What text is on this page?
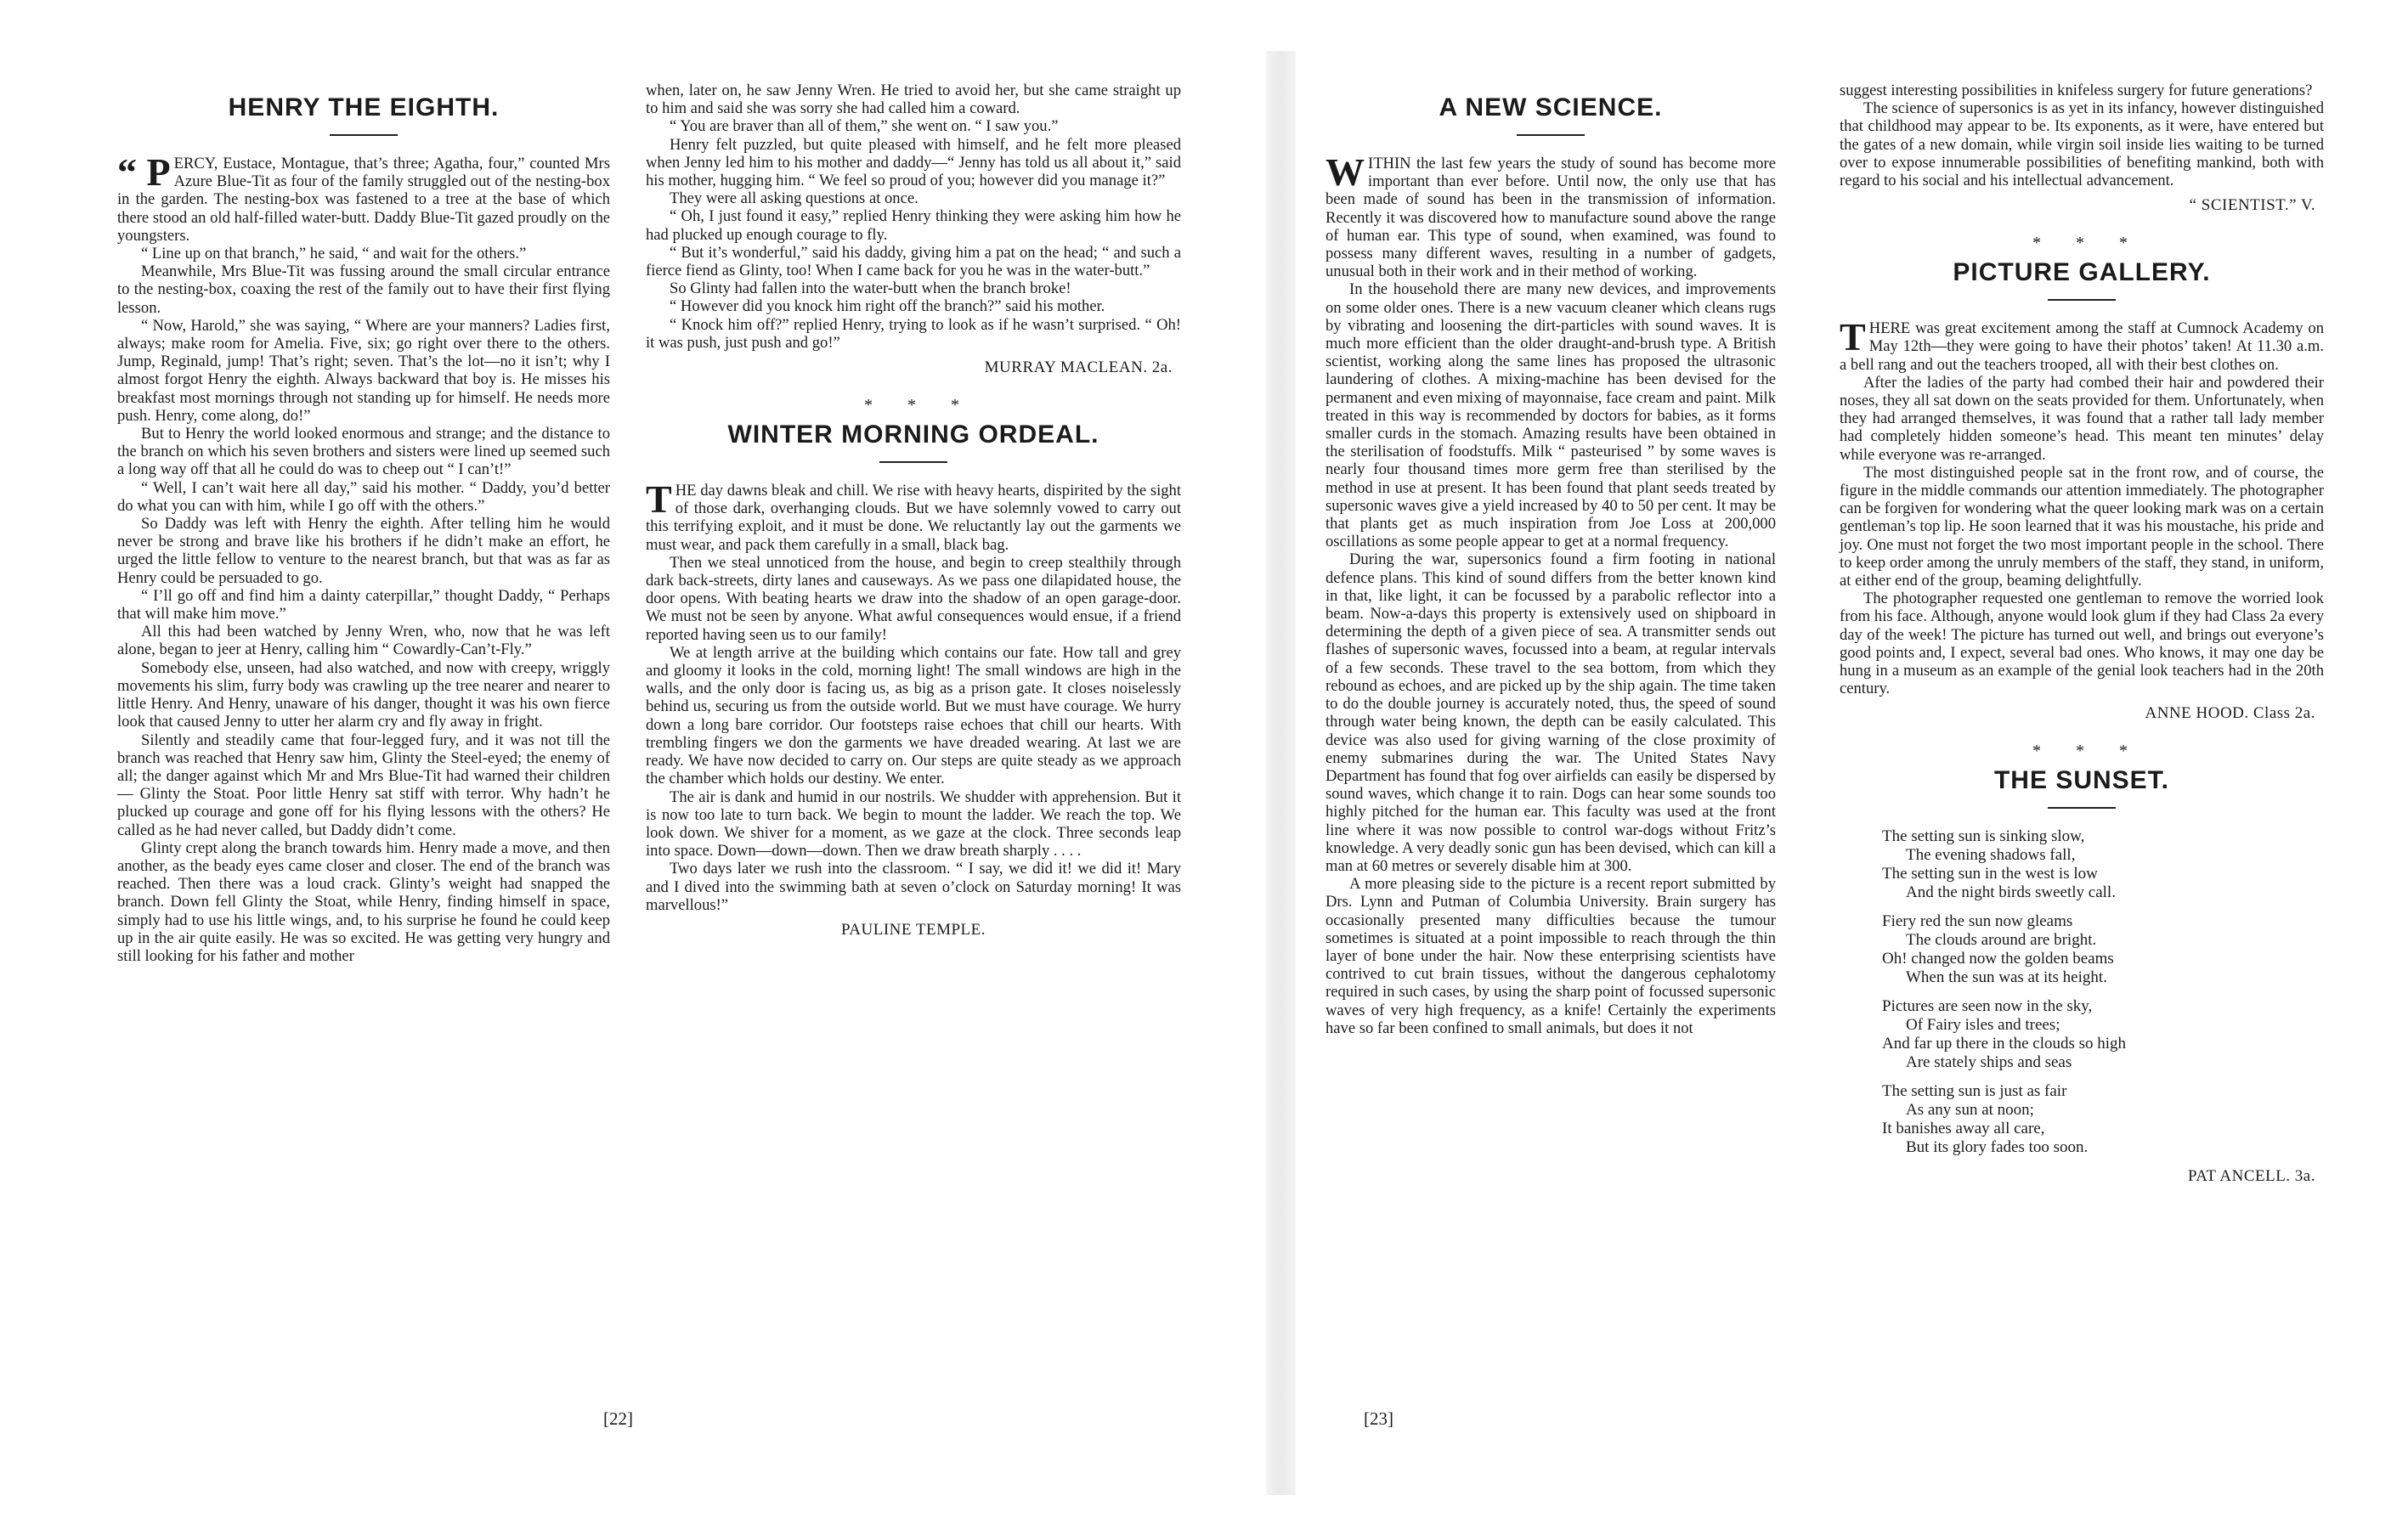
HENRY THE EIGHTH.

“ P ERCY, Eustace, Montague, that’s three; Agatha, four,” counted Mrs Azure Blue-Tit as four of the family struggled out of the nesting-box in the garden. The nesting-box was fastened to a tree at the base of which there stood an old half-filled water-butt. Daddy Blue-Tit gazed proudly on the youngsters.

“ Line up on that branch,” he said, “ and wait for the others.”

Meanwhile, Mrs Blue-Tit was fussing around the small circular entrance to the nesting-box, coaxing the rest of the family out to have their first flying lesson.

“ Now, Harold,” she was saying, “ Where are your manners? Ladies first, always; make room for Amelia. Five, six; go right over there to the others. Jump, Reginald, jump! That’s right; seven. That’s the lot—no it isn’t; why I almost forgot Henry the eighth. Always backward that boy is. He misses his breakfast most mornings through not standing up for himself. He needs more push. Henry, come along, do!”

But to Henry the world looked enormous and strange; and the distance to the branch on which his seven brothers and sisters were lined up seemed such a long way off that all he could do was to cheep out “ I can’t!”

“ Well, I can’t wait here all day,” said his mother. “ Daddy, you’d better do what you can with him, while I go off with the others.”

So Daddy was left with Henry the eighth. After telling him he would never be strong and brave like his brothers if he didn’t make an effort, he urged the little fellow to venture to the nearest branch, but that was as far as Henry could be persuaded to go.

“ I’ll go off and find him a dainty caterpillar,” thought Daddy, “ Perhaps that will make him move.”

All this had been watched by Jenny Wren, who, now that he was left alone, began to jeer at Henry, calling him “ Cowardly-Can’t-Fly.”

Somebody else, unseen, had also watched, and now with creepy, wriggly movements his slim, furry body was crawling up the tree nearer and nearer to little Henry. And Henry, unaware of his danger, thought it was his own fierce look that caused Jenny to utter her alarm cry and fly away in fright.

Silently and steadily came that four-legged fury, and it was not till the branch was reached that Henry saw him, Glinty the Steel-eyed; the enemy of all; the danger against which Mr and Mrs Blue-Tit had warned their children — Glinty the Stoat. Poor little Henry sat stiff with terror. Why hadn’t he plucked up courage and gone off for his flying lessons with the others? He called as he had never called, but Daddy didn’t come.

Glinty crept along the branch towards him. Henry made a move, and then another, as the beady eyes came closer and closer. The end of the branch was reached. Then there was a loud crack. Glinty’s weight had snapped the branch. Down fell Glinty the Stoat, while Henry, finding himself in space, simply had to use his little wings, and, to his surprise he found he could keep up in the air quite easily. He was so excited. He was getting very hungry and still looking for his father and mother

when, later on, he saw Jenny Wren. He tried to avoid her, but she came straight up to him and said she was sorry she had called him a coward.

“ You are braver than all of them,” she went on. “ I saw you.”

Henry felt puzzled, but quite pleased with himself, and he felt more pleased when Jenny led him to his mother and daddy—“ Jenny has told us all about it,” said his mother, hugging him. “ We feel so proud of you; however did you manage it?”

They were all asking questions at once.

“ Oh, I just found it easy,” replied Henry thinking they were asking him how he had plucked up enough courage to fly.

“ But it’s wonderful,” said his daddy, giving him a pat on the head; “ and such a fierce fiend as Glinty, too! When I came back for you he was in the water-butt.”

So Glinty had fallen into the water-butt when the branch broke!

“ However did you knock him right off the branch?” said his mother.

“ Knock him off?” replied Henry, trying to look as if he wasn’t surprised. “ Oh! it was push, just push and go!”

MURRAY MACLEAN. 2a.
* * *
WINTER MORNING ORDEAL.

THE day dawns bleak and chill. We rise with heavy hearts, dispirited by the sight of those dark, overhanging clouds. But we have solemnly vowed to carry out this terrifying exploit, and it must be done. We reluctantly lay out the garments we must wear, and pack them carefully in a small, black bag.

Then we steal unnoticed from the house, and begin to creep stealthily through dark back-streets, dirty lanes and causeways. As we pass one dilapidated house, the door opens. With beating hearts we draw into the shadow of an open garage-door. We must not be seen by anyone. What awful consequences would ensue, if a friend reported having seen us to our family!

We at length arrive at the building which contains our fate. How tall and grey and gloomy it looks in the cold, morning light! The small windows are high in the walls, and the only door is facing us, as big as a prison gate. It closes noiselessly behind us, securing us from the outside world. But we must have courage. We hurry down a long bare corridor. Our footsteps raise echoes that chill our hearts. With trembling fingers we don the garments we have dreaded wearing. At last we are ready. We have now decided to carry on. Our steps are quite steady as we approach the chamber which holds our destiny. We enter.

The air is dank and humid in our nostrils. We shudder with apprehension. But it is now too late to turn back. We begin to mount the ladder. We reach the top. We look down. We shiver for a moment, as we gaze at the clock. Three seconds leap into space. Down—down—down. Then we draw breath sharply . . . .

Two days later we rush into the classroom. “ I say, we did it! we did it! Mary and I dived into the swimming bath at seven o’clock on Saturday morning! It was marvellous!”

PAULINE TEMPLE.
[22]
A NEW SCIENCE.

WITHIN the last few years the study of sound has become more important than ever before. Until now, the only use that has been made of sound has been in the transmission of information. Recently it was discovered how to manufacture sound above the range of human ear. This type of sound, when examined, was found to possess many different waves, resulting in a number of gadgets, unusual both in their work and in their method of working.

In the household there are many new devices, and improvements on some older ones. There is a new vacuum cleaner which cleans rugs by vibrating and loosening the dirt-particles with sound waves. It is much more efficient than the older draught-and-brush type. A British scientist, working along the same lines has proposed the ultrasonic laundering of clothes. A mixing-machine has been devised for the permanent and even mixing of mayonnaise, face cream and paint. Milk treated in this way is recommended by doctors for babies, as it forms smaller curds in the stomach. Amazing results have been obtained in the sterilisation of foodstuffs. Milk “ pasteurised ” by some waves is nearly four thousand times more germ free than sterilised by the method in use at present. It has been found that plant seeds treated by supersonic waves give a yield increased by 40 to 50 per cent. It may be that plants get as much inspiration from Joe Loss at 200,000 oscillations as some people appear to get at a normal frequency.

During the war, supersonics found a firm footing in national defence plans. This kind of sound differs from the better known kind in that, like light, it can be focussed by a parabolic reflector into a beam. Now-a-days this property is extensively used on shipboard in determining the depth of a given piece of sea. A transmitter sends out flashes of supersonic waves, focussed into a beam, at regular intervals of a few seconds. These travel to the sea bottom, from which they rebound as echoes, and are picked up by the ship again. The time taken to do the double journey is accurately noted, thus, the speed of sound through water being known, the depth can be easily calculated. This device was also used for giving warning of the close proximity of enemy submarines during the war. The United States Navy Department has found that fog over airfields can easily be dispersed by sound waves, which change it to rain. Dogs can hear some sounds too highly pitched for the human ear. This faculty was used at the front line where it was now possible to control war-dogs without Fritz’s knowledge. A very deadly sonic gun has been devised, which can kill a man at 60 metres or severely disable him at 300.

A more pleasing side to the picture is a recent report submitted by Drs. Lynn and Putman of Columbia University. Brain surgery has occasionally presented many difficulties because the tumour sometimes is situated at a point impossible to reach through the thin layer of bone under the hair. Now these enterprising scientists have contrived to cut brain tissues, without the dangerous cephalotomy required in such cases, by using the sharp point of focussed supersonic waves of very high frequency, as a knife! Certainly the experiments have so far been confined to small animals, but does it not

suggest interesting possibilities in knifeless surgery for future generations?

The science of supersonics is as yet in its infancy, however distinguished that childhood may appear to be. Its exponents, as it were, have entered but the gates of a new domain, while virgin soil inside lies waiting to be turned over to expose innumerable possibilities of benefiting mankind, both with regard to his social and his intellectual advancement.

“ SCIENTIST.” V.
* * *
PICTURE GALLERY.

THERE was great excitement among the staff at Cumnock Academy on May 12th—they were going to have their photos’ taken! At 11.30 a.m. a bell rang and out the teachers trooped, all with their best clothes on.

After the ladies of the party had combed their hair and powdered their noses, they all sat down on the seats provided for them. Unfortunately, when they had arranged themselves, it was found that a rather tall lady member had completely hidden someone’s head. This meant ten minutes’ delay while everyone was re-arranged.

The most distinguished people sat in the front row, and of course, the figure in the middle commands our attention immediately. The photographer can be forgiven for wondering what the queer looking mark was on a certain gentleman’s top lip. He soon learned that it was his moustache, his pride and joy. One must not forget the two most important people in the school. There to keep order among the unruly members of the staff, they stand, in uniform, at either end of the group, beaming delightfully.

The photographer requested one gentleman to remove the worried look from his face. Although, anyone would look glum if they had Class 2a every day of the week! The picture has turned out well, and brings out everyone’s good points and, I expect, several bad ones. Who knows, it may one day be hung in a museum as an example of the genial look teachers had in the 20th century.

ANNE HOOD. Class 2a.
* * *
THE SUNSET.
The setting sun is sinking slow,
The evening shadows fall,
The setting sun in the west is low
And the night birds sweetly call.
Fiery red the sun now gleams
The clouds around are bright.
Oh! changed now the golden beams
When the sun was at its height.
Pictures are seen now in the sky,
Of Fairy isles and trees;
And far up there in the clouds so high
Are stately ships and seas
The setting sun is just as fair
As any sun at noon;
It banishes away all care,
But its glory fades too soon.
PAT ANCELL. 3a.
[23]
